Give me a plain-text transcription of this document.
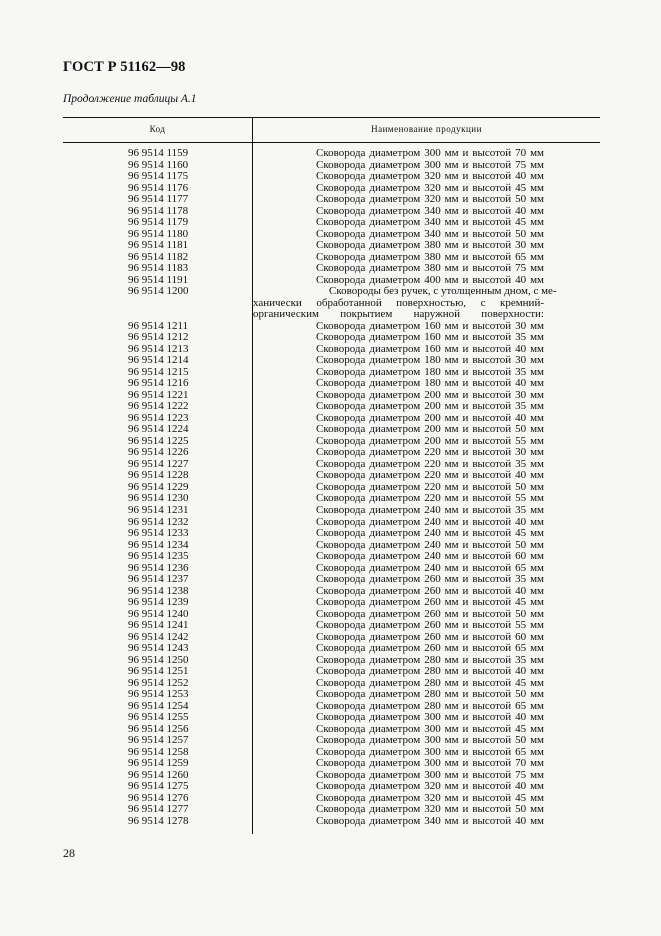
ГОСТ Р 51162—98
Продолжение таблицы А.1
Код	Наименование продукции
96 9514 1159	Сковорода диаметром 300 мм и высотой 70 мм
96 9514 1160	Сковорода диаметром 300 мм и высотой 75 мм
96 9514 1175	Сковорода диаметром 320 мм и высотой 40 мм
96 9514 1176	Сковорода диаметром 320 мм и высотой 45 мм
96 9514 1177	Сковорода диаметром 320 мм и высотой 50 мм
96 9514 1178	Сковорода диаметром 340 мм и высотой 40 мм
96 9514 1179	Сковорода диаметром 340 мм и высотой 45 мм
96 9514 1180	Сковорода диаметром 340 мм и высотой 50 мм
96 9514 1181	Сковорода диаметром 380 мм и высотой 30 мм
96 9514 1182	Сковорода диаметром 380 мм и высотой 65 мм
96 9514 1183	Сковорода диаметром 380 мм и высотой 75 мм
96 9514 1191	Сковорода диаметром 400 мм и высотой 40 мм
96 9514 1200	Сковороды без ручек, с утолщенным дном, с ме-
ханически обработанной поверхностью, с кремний-
органическим покрытием наружной поверхности:
96 9514 1211	Сковорода диаметром 160 мм и высотой 30 мм
96 9514 1212	Сковорода диаметром 160 мм и высотой 35 мм
96 9514 1213	Сковорода диаметром 160 мм и высотой 40 мм
96 9514 1214	Сковорода диаметром 180 мм и высотой 30 мм
96 9514 1215	Сковорода диаметром 180 мм и высотой 35 мм
96 9514 1216	Сковорода диаметром 180 мм и высотой 40 мм
96 9514 1221	Сковорода диаметром 200 мм и высотой 30 мм
96 9514 1222	Сковорода диаметром 200 мм и высотой 35 мм
96 9514 1223	Сковорода диаметром 200 мм и высотой 40 мм
96 9514 1224	Сковорода диаметром 200 мм и высотой 50 мм
96 9514 1225	Сковорода диаметром 200 мм и высотой 55 мм
96 9514 1226	Сковорода диаметром 220 мм и высотой 30 мм
96 9514 1227	Сковорода диаметром 220 мм и высотой 35 мм
96 9514 1228	Сковорода диаметром 220 мм и высотой 40 мм
96 9514 1229	Сковорода диаметром 220 мм и высотой 50 мм
96 9514 1230	Сковорода диаметром 220 мм и высотой 55 мм
96 9514 1231	Сковорода диаметром 240 мм и высотой 35 мм
96 9514 1232	Сковорода диаметром 240 мм и высотой 40 мм
96 9514 1233	Сковорода диаметром 240 мм и высотой 45 мм
96 9514 1234	Сковорода диаметром 240 мм и высотой 50 мм
96 9514 1235	Сковорода диаметром 240 мм и высотой 60 мм
96 9514 1236	Сковорода диаметром 240 мм и высотой 65 мм
96 9514 1237	Сковорода диаметром 260 мм и высотой 35 мм
96 9514 1238	Сковорода диаметром 260 мм и высотой 40 мм
96 9514 1239	Сковорода диаметром 260 мм и высотой 45 мм
96 9514 1240	Сковорода диаметром 260 мм и высотой 50 мм
96 9514 1241	Сковорода диаметром 260 мм и высотой 55 мм
96 9514 1242	Сковорода диаметром 260 мм и высотой 60 мм
96 9514 1243	Сковорода диаметром 260 мм и высотой 65 мм
96 9514 1250	Сковорода диаметром 280 мм и высотой 35 мм
96 9514 1251	Сковорода диаметром 280 мм и высотой 40 мм
96 9514 1252	Сковорода диаметром 280 мм и высотой 45 мм
96 9514 1253	Сковорода диаметром 280 мм и высотой 50 мм
96 9514 1254	Сковорода диаметром 280 мм и высотой 65 мм
96 9514 1255	Сковорода диаметром 300 мм и высотой 40 мм
96 9514 1256	Сковорода диаметром 300 мм и высотой 45 мм
96 9514 1257	Сковорода диаметром 300 мм и высотой 50 мм
96 9514 1258	Сковорода диаметром 300 мм и высотой 65 мм
96 9514 1259	Сковорода диаметром 300 мм и высотой 70 мм
96 9514 1260	Сковорода диаметром 300 мм и высотой 75 мм
96 9514 1275	Сковорода диаметром 320 мм и высотой 40 мм
96 9514 1276	Сковорода диаметром 320 мм и высотой 45 мм
96 9514 1277	Сковорода диаметром 320 мм и высотой 50 мм
96 9514 1278	Сковорода диаметром 340 мм и высотой 40 мм
28
